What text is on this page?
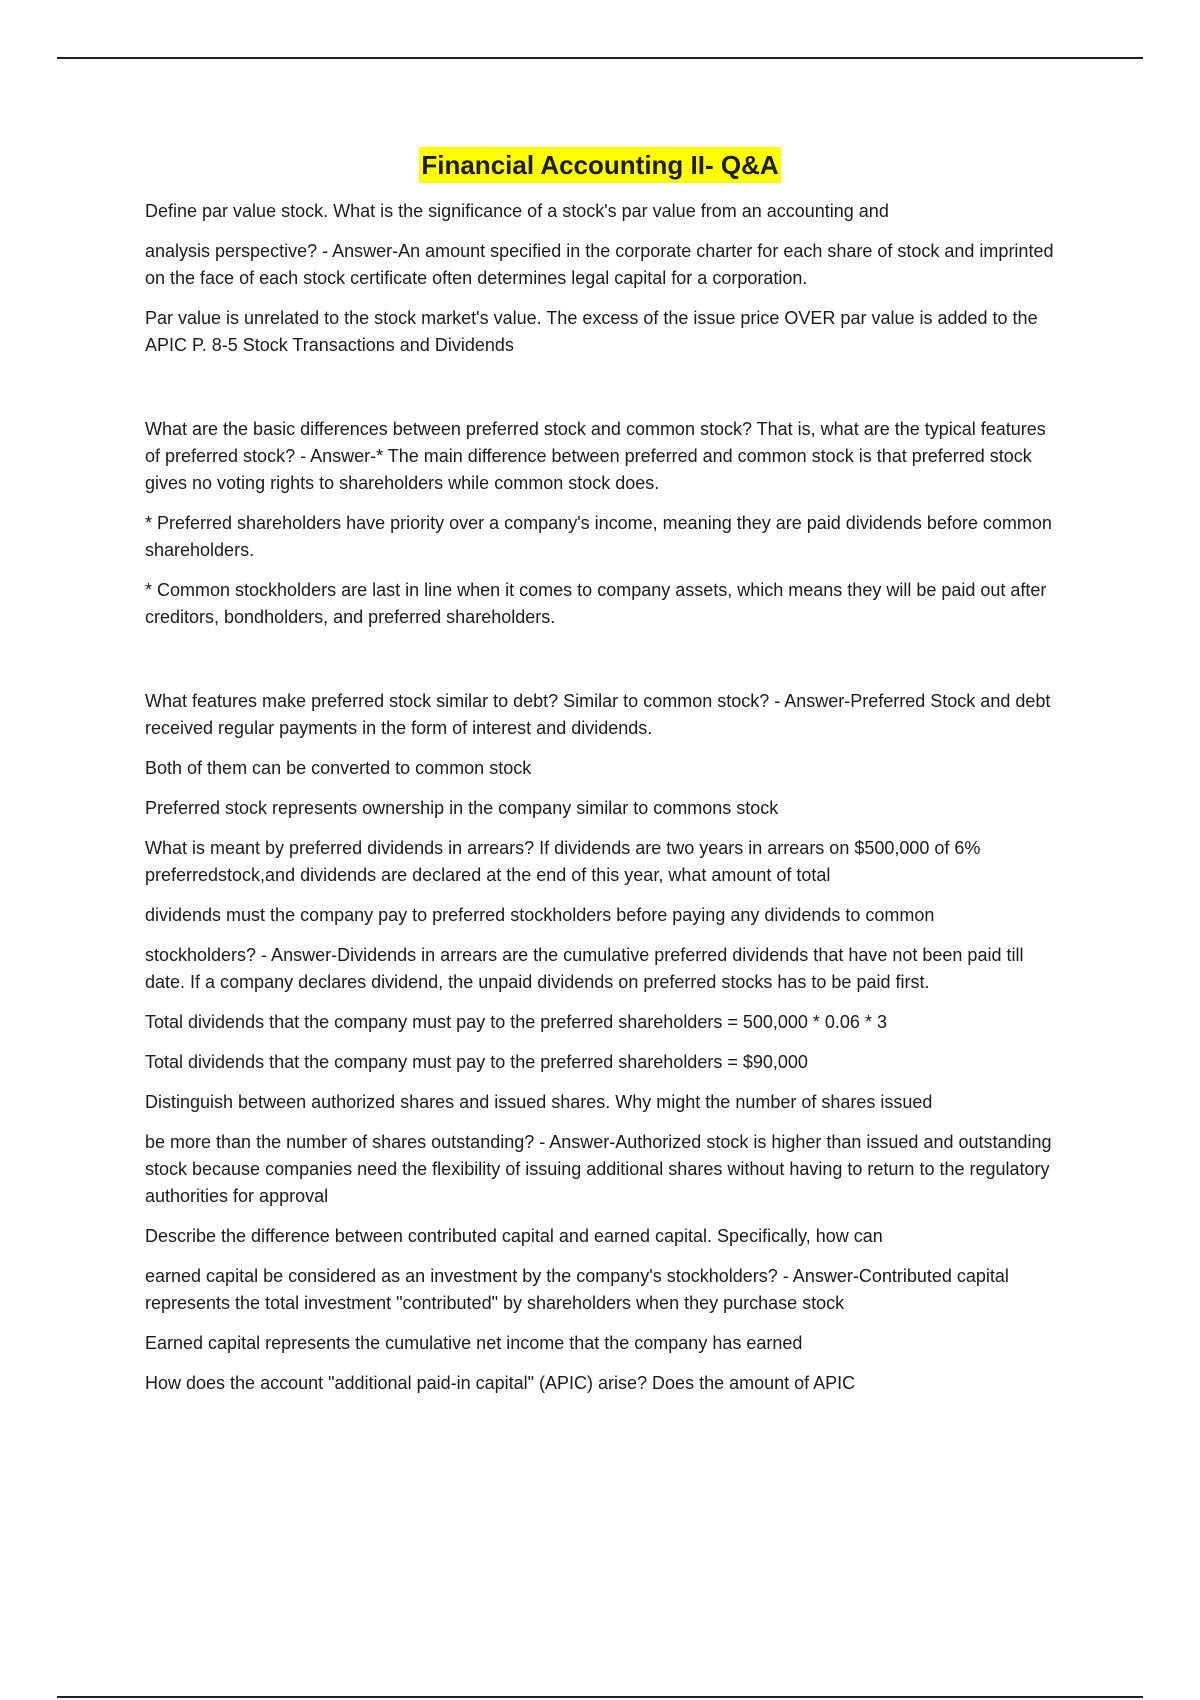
Financial Accounting II- Q&A

Define par value stock. What is the significance of a stock's par value from an accounting and

analysis perspective? - Answer-An amount specified in the corporate charter for each share of stock and imprinted on the face of each stock certificate often determines legal capital for a corporation.

Par value is unrelated to the stock market's value. The excess of the issue price OVER par value is added to the APIC P. 8-5 Stock Transactions and Dividends

What are the basic differences between preferred stock and common stock? That is, what are the typical features of preferred stock? - Answer-* The main difference between preferred and common stock is that preferred stock gives no voting rights to shareholders while common stock does.

* Preferred shareholders have priority over a company's income, meaning they are paid dividends before common shareholders.

* Common stockholders are last in line when it comes to company assets, which means they will be paid out after creditors, bondholders, and preferred shareholders.

What features make preferred stock similar to debt? Similar to common stock? - Answer-Preferred Stock and debt received regular payments in the form of interest and dividends.

Both of them can be converted to common stock

Preferred stock represents ownership in the company similar to commons stock

What is meant by preferred dividends in arrears? If dividends are two years in arrears on $500,000 of 6% preferredstock,and dividends are declared at the end of this year, what amount of total

dividends must the company pay to preferred stockholders before paying any dividends to common

stockholders? - Answer-Dividends in arrears are the cumulative preferred dividends that have not been paid till date. If a company declares dividend, the unpaid dividends on preferred stocks has to be paid first.

Total dividends that the company must pay to the preferred shareholders = 500,000 * 0.06 * 3

Total dividends that the company must pay to the preferred shareholders = $90,000

Distinguish between authorized shares and issued shares. Why might the number of shares issued

be more than the number of shares outstanding? - Answer-Authorized stock is higher than issued and outstanding stock because companies need the flexibility of issuing additional shares without having to return to the regulatory authorities for approval

Describe the difference between contributed capital and earned capital. Specifically, how can

earned capital be considered as an investment by the company's stockholders? - Answer-Contributed capital represents the total investment "contributed" by shareholders when they purchase stock

Earned capital represents the cumulative net income that the company has earned

How does the account "additional paid-in capital" (APIC) arise? Does the amount of APIC
